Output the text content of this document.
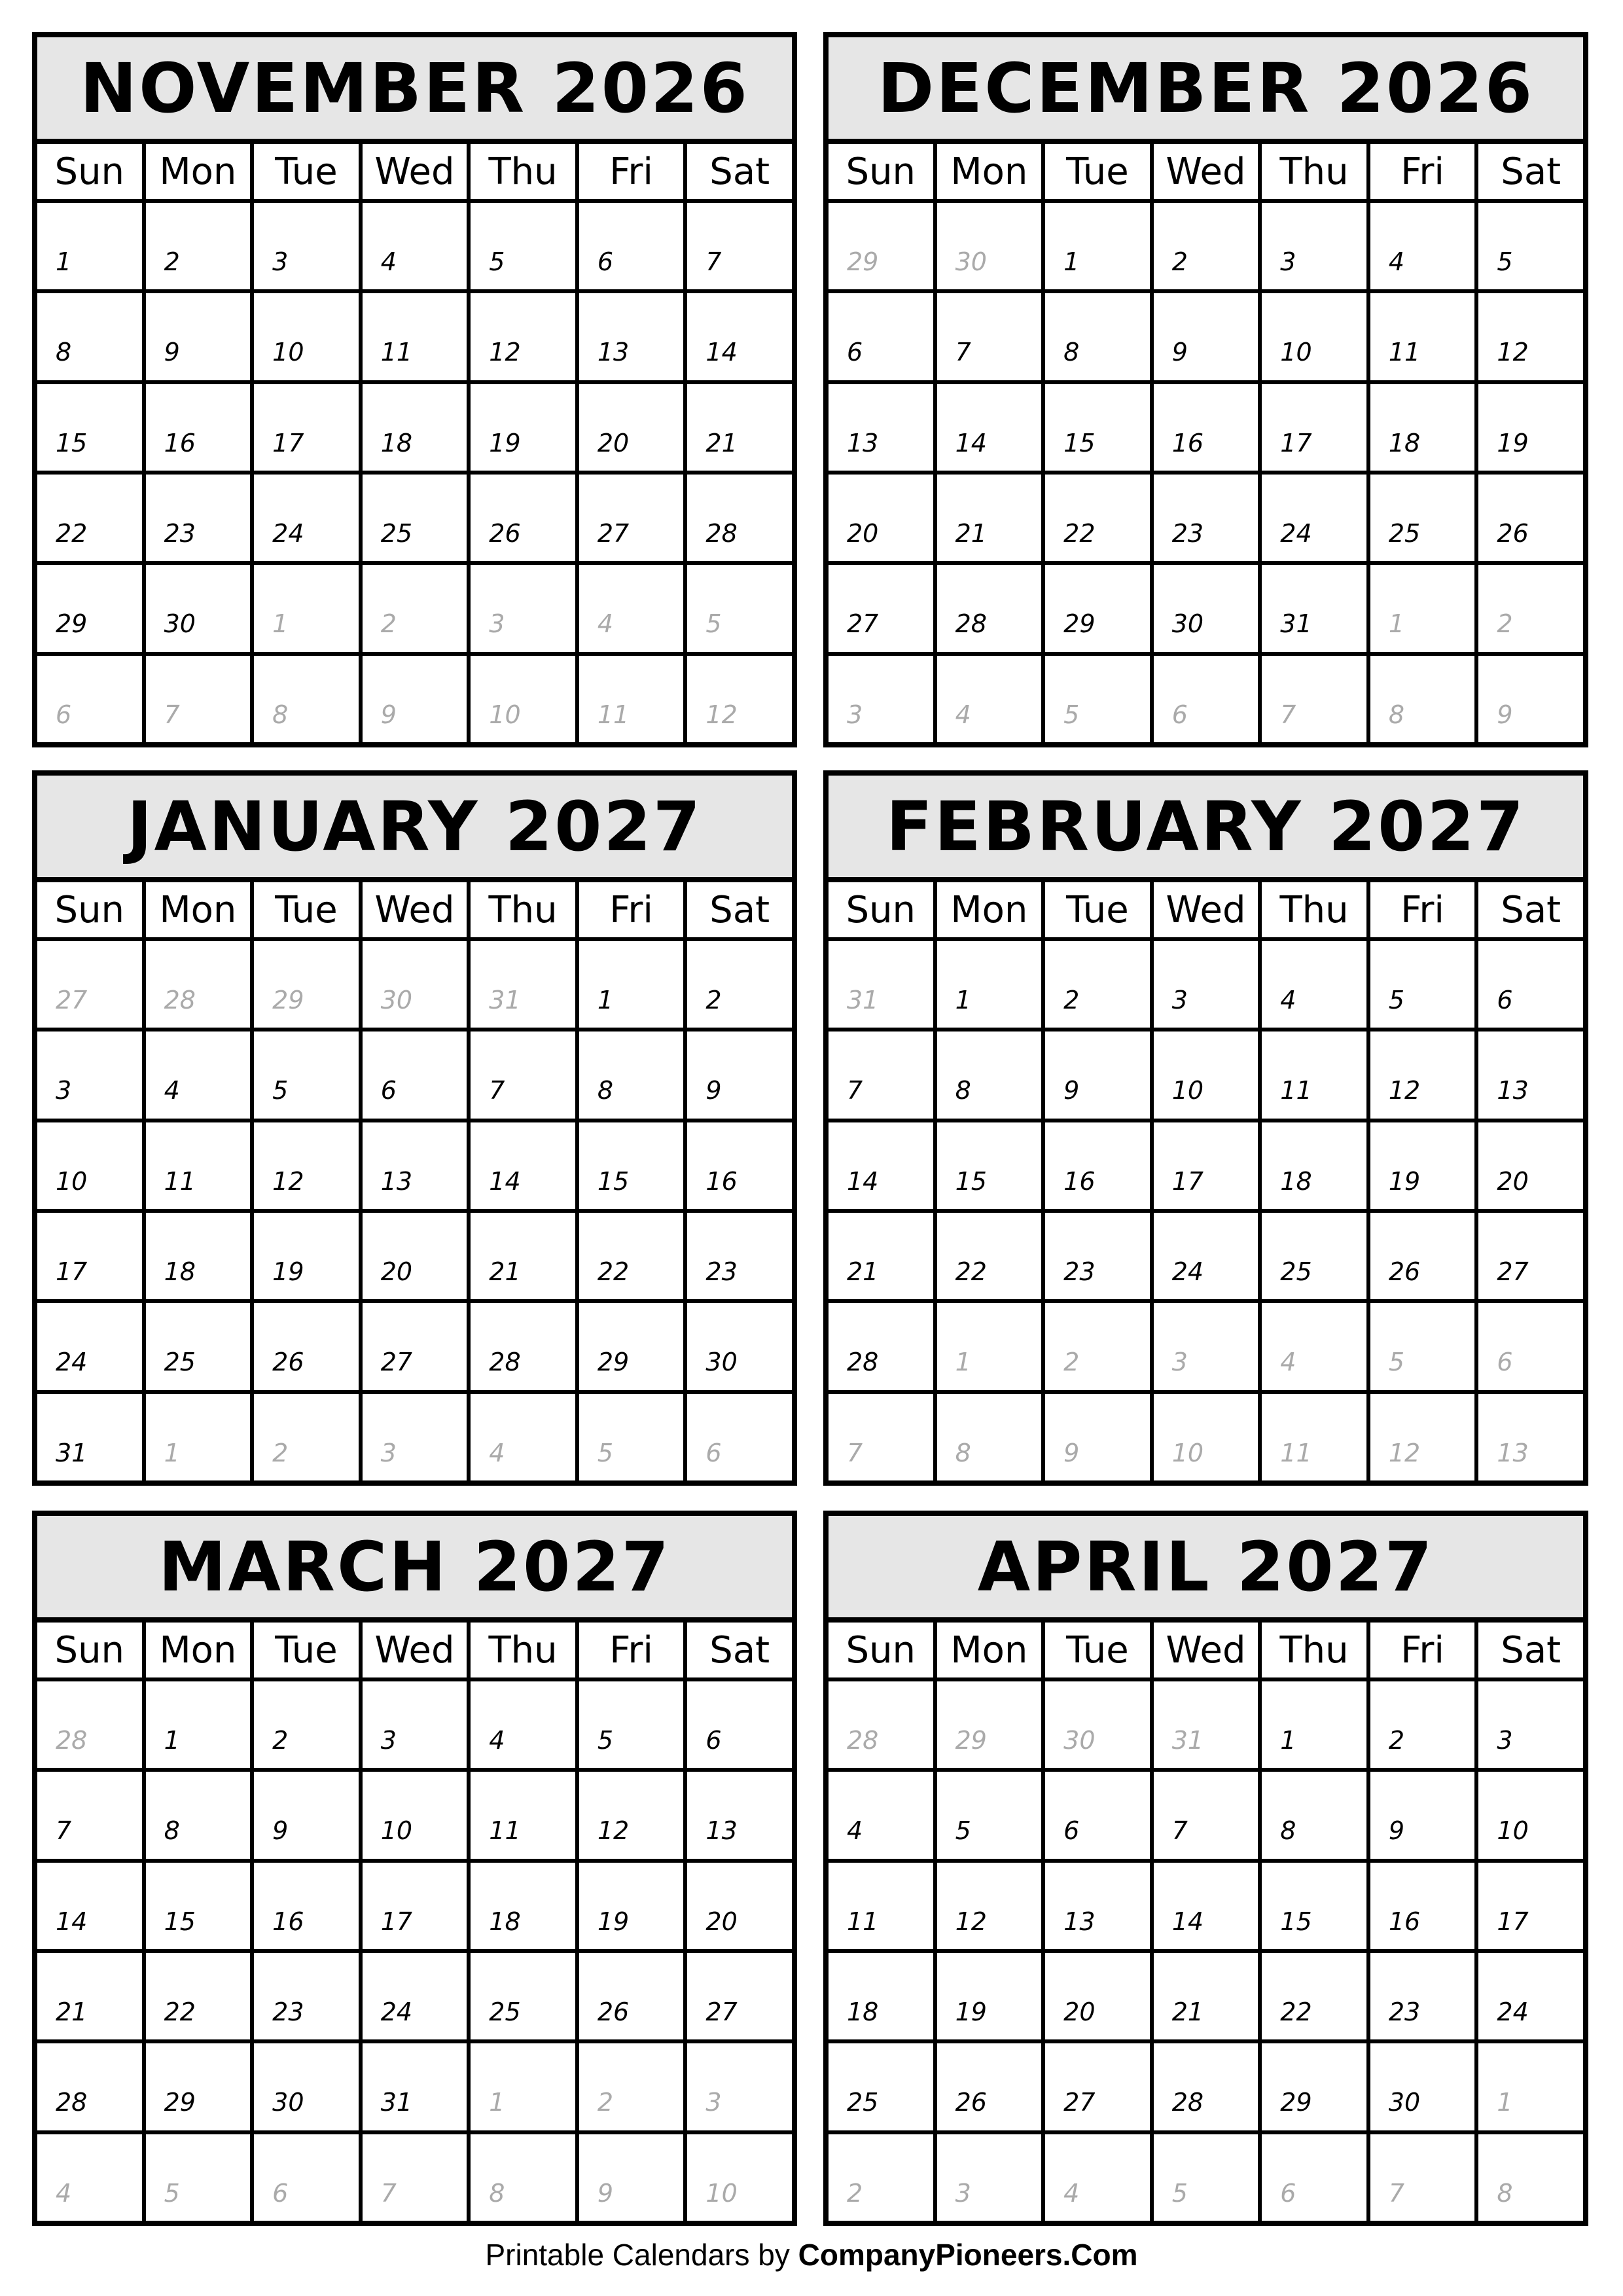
NOVEMBER 2026
Sun Mon	Tue	Wed Thu	Fri	Sat
1	2	3	4	5	6	7
8	9	10	11	12	13	14
15	16	17	18	19	20	21
22	23	24	25	26	27	28
29	30	1	2	3	4	5
6	7	8	9	10	11	12
DECEMBER 2026
Sun Mon	Tue	Wed Thu	Fri	Sat
29	30	1	2	3	4	5
6	7	8	9	10	11	12
13	14	15	16	17	18	19
20	21	22	23	24	25	26
27	28	29	30	31	1	2
3	4	5	6	7	8	9
JANUARY 2027
Sun Mon	Tue	Wed Thu	Fri	Sat
27	28	29	30	31	1	2
3	4	5	6	7	8	9
10	11	12	13	14	15	16
17	18	19	20	21	22	23
24	25	26	27	28	29	30
31	1	2	3	4	5	6
FEBRUARY 2027
Sun Mon	Tue	Wed Thu	Fri	Sat
31	1	2	3	4	5	6
7	8	9	10	11	12	13
14	15	16	17	18	19	20
21	22	23	24	25	26	27
28	1	2	3	4	5	6
7	8	9	10	11	12	13
MARCH 2027
Sun Mon	Tue	Wed Thu	Fri	Sat
28	1	2	3	4	5	6
7	8	9	10	11	12	13
14	15	16	17	18	19	20
21	22	23	24	25	26	27
28	29	30	31	1	2	3
4	5	6	7	8	9	10
APRIL 2027
Sun Mon	Tue	Wed Thu	Fri	Sat
28	29	30	31	1	2	3
4	5	6	7	8	9	10
11	12	13	14	15	16	17
18	19	20	21	22	23	24
25	26	27	28	29	30	1
2	3	4	5	6	7	8
Printable Calendars by CompanyPioneers.Com
